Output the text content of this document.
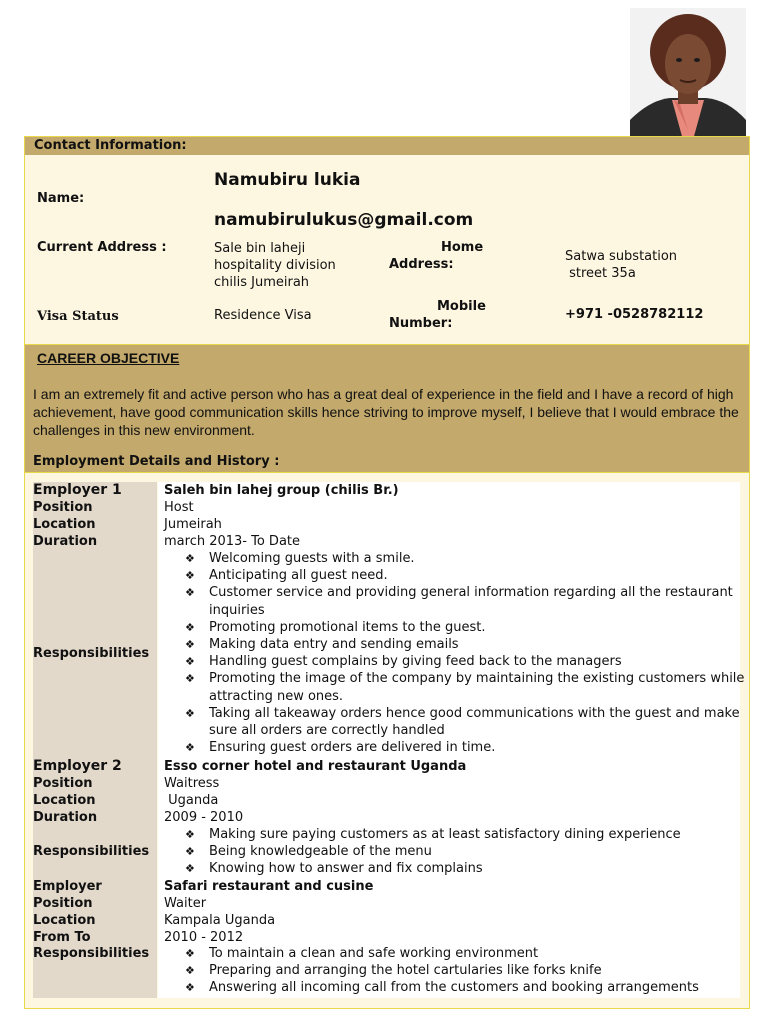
Contact Information:
Name:
Namubiru lukia
namubirulukus@gmail.com
Current Address :	Sale bin laheji
hospitality division
chilis Jumeirah
Home
Address:
Satwa substation
street 35a
Visa Status	Residence Visa
Mobile
Number:
+971 -0528782112
CAREER OBJECTIVE
I am an extremely fit and active person who has a great deal of experience in the field and I have a record of high achievement, have good communication skills hence striving to improve myself, I believe that I would embrace the challenges in this new environment.
Employment Details and History :
Employer 1	Saleh bin lahej group (chilis Br.)
Position	Host
Location	Jumeirah
Duration	march 2013- To Date
Responsibilities
❖ Welcoming guests with a smile.
❖ Anticipating all guest need.
❖ Customer service and providing general information regarding all the restaurant inquiries
❖ Promoting promotional items to the guest.
❖ Making data entry and sending emails
❖ Handling guest complains by giving feed back to the managers
❖ Promoting the image of the company by maintaining the existing customers while attracting new ones.
❖ Taking all takeaway orders hence good communications with the guest and make sure all orders are correctly handled
❖ Ensuring guest orders are delivered in time.
Employer 2	Esso corner hotel and restaurant Uganda
Position	Waitress
Location	Uganda
Duration	2009 - 2010
Responsibilities
❖ Making sure paying customers as at least satisfactory dining experience
❖ Being knowledgeable of the menu
❖ Knowing how to answer and fix complains
Employer	Safari restaurant and cusine
Position	Waiter
Location	Kampala Uganda
From To	2010 - 2012
Responsibilities	❖ To maintain a clean and safe working environment
❖ Preparing and arranging the hotel cartularies like forks knife
❖ Answering all incoming call from the customers and booking arrangements
